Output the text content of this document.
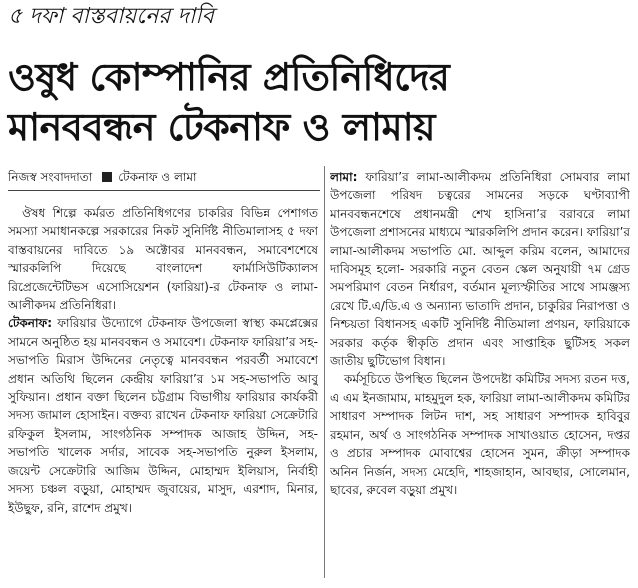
৫ দফা বাস্তবায়নের দাবি
ওষুধ কোম্পানির প্রতিনিধিদের
মানববন্ধন টেকনাফ ও লামায়
নিজস্ব সংবাদদাতা টেকনাফ ও লামা

ঔষধ শিল্পে কর্মরত প্রতিনিধিগণের চাকরির বিভিন্ন পেশাগত সমস্যা সমাধানকল্পে সরকারের নিকট সুনির্দিষ্ট নীতিমালাসহ ৫ দফা বাস্তবায়নের দাবিতে ১৯ অক্টোবর মানববন্ধন, সমাবেশশেষে স্মারকলিপি দিয়েছে বাংলাদেশ ফার্মাসিউটিক্যালস রিপ্রেজেন্টেটিভস এসোসিয়েশন (ফারিয়া)-র টেকনাফ ও লামা-আলীকদম প্রতিনিধিরা।

টেকনাফ: ফারিয়ার উদ্যোগে টেকনাফ উপজেলা স্বাস্থ্য কমপ্লেক্সের সামনে অনুষ্ঠিত হয় মানববন্ধন ও সমাবেশ। টেকনাফ ফারিয়া’র সহ-সভাপতি মিরাস উদ্দিনের নেতৃত্বে মানববন্ধন পরবর্তী সমাবেশে প্রধান অতিথি ছিলেন কেন্দ্রীয় ফারিয়া’র ১ম সহ-সভাপতি আবু সুফিয়ান। প্রধান বক্তা ছিলেন চট্টগ্রাম বিভাগীয় ফারিয়ার কার্যকরী সদস্য জামাল হোসাইন। বক্তব্য রাখেন টেকনাফ ফারিয়া সেক্রেটারি রফিকুল ইসলাম, সাংগঠনিক সম্পাদক আজাহ উদ্দিন, সহ-সভাপতি খালেক সর্দার, সাবেক সহ-সভাপতি নুরুল ইসলাম, জয়েন্ট সেক্রেটারি আজিম উদ্দিন, মোহাম্মদ ইলিয়াস, নির্বাহী সদস্য চঞ্চল বড়ুয়া, মোহাম্মদ জুবায়ের, মাসুদ, এরশাদ, মিনার, ইউছুফ, রনি, রাশেদ প্রমুখ।

লামা: ফারিয়া’র লামা-আলীকদম প্রতিনিধিরা সোমবার লামা উপজেলা পরিষদ চত্বরের সামনের সড়কে ঘণ্টাব্যাপী মানববন্ধনশেষে প্রধানমন্ত্রী শেখ হাসিনা’র বরাবরে লামা উপজেলা প্রশাসনের মাধ্যমে স্মারকলিপি প্রদান করেন। ফারিয়া’র লামা-আলীকদম সভাপতি মো. আব্দুল করিম বলেন, আমাদের দাবিসমূহ হলো- সরকারি নতুন বেতন স্কেল অনুযায়ী ৭ম গ্রেড সমপরিমাণ বেতন নির্ধারণ, বর্তমান মূল্যস্ফীতির সাথে সামঞ্জস্য রেখে টি.এ/ডি.এ ও অন্যান্য ভাতাদি প্রদান, চাকুরির নিরাপত্তা ও নিশ্চয়তা বিধানসহ একটি সুনির্দিষ্ট নীতিমালা প্রণয়ন, ফারিয়াকে সরকার কর্তৃক স্বীকৃতি প্রদান এবং সাপ্তাহিক ছুটিসহ সকল জাতীয় ছুটিভোগ বিধান।

কর্মসূচিতে উপস্থিত ছিলেন উপদেষ্টা কমিটির সদস্য রতন দত্ত, এ এম ইনজামাম, মাহমুদুল হক, ফারিয়া লামা-আলীকদম কমিটির সাধারণ সম্পাদক লিটন দাশ, সহ সাধারণ সম্পাদক হাবিবুর রহমান, অর্থ ও সাংগঠনিক সম্পাদক সাখাওয়াত হোসেন, দপ্তর ও প্রচার সম্পাদক মোবাশ্বের হোসেন সুমন, ক্রীড়া সম্পাদক অনিন নির্জন, সদস্য মেহেদি, শাহজাহান, আবছার, সোলেমান, ছাবের, রুবেল বড়ুয়া প্রমুখ।
